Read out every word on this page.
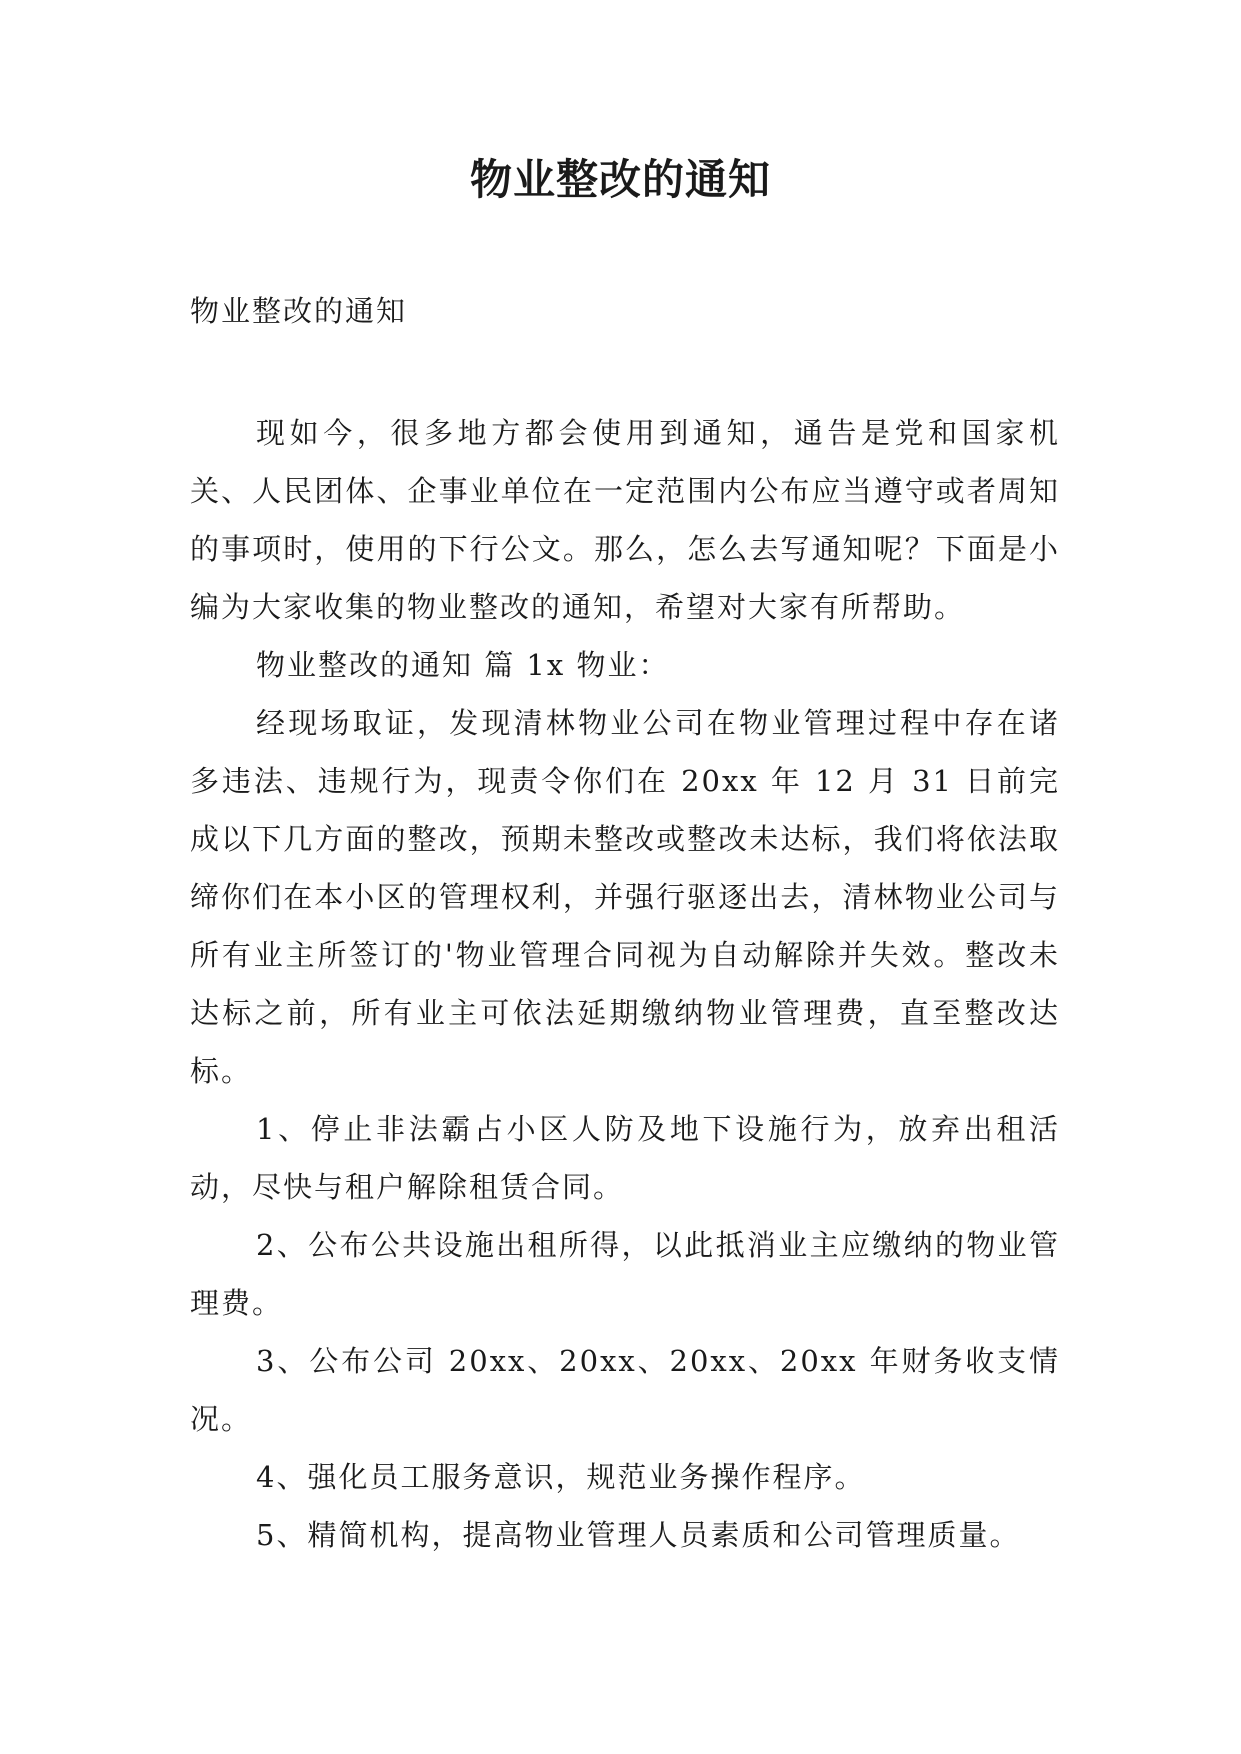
物业整改的通知
物业整改的通知

现如今，很多地方都会使用到通知，通告是党和国家机关、人民团体、企事业单位在一定范围内公布应当遵守或者周知的事项时，使用的下行公文。那么，怎么去写通知呢？下面是小编为大家收集的物业整改的通知，希望对大家有所帮助。

物业整改的通知 篇 1x 物业：

经现场取证，发现清林物业公司在物业管理过程中存在诸多违法、违规行为，现责令你们在 20xx 年 12 月 31 日前完成以下几方面的整改，预期未整改或整改未达标，我们将依法取缔你们在本小区的管理权利，并强行驱逐出去，清林物业公司与所有业主所签订的'物业管理合同视为自动解除并失效。整改未达标之前，所有业主可依法延期缴纳物业管理费，直至整改达标。

1、停止非法霸占小区人防及地下设施行为，放弃出租活动，尽快与租户解除租赁合同。

2、公布公共设施出租所得，以此抵消业主应缴纳的物业管理费。

3、公布公司 20xx、20xx、20xx、20xx 年财务收支情况。

4、强化员工服务意识，规范业务操作程序。

5、精简机构，提高物业管理人员素质和公司管理质量。
